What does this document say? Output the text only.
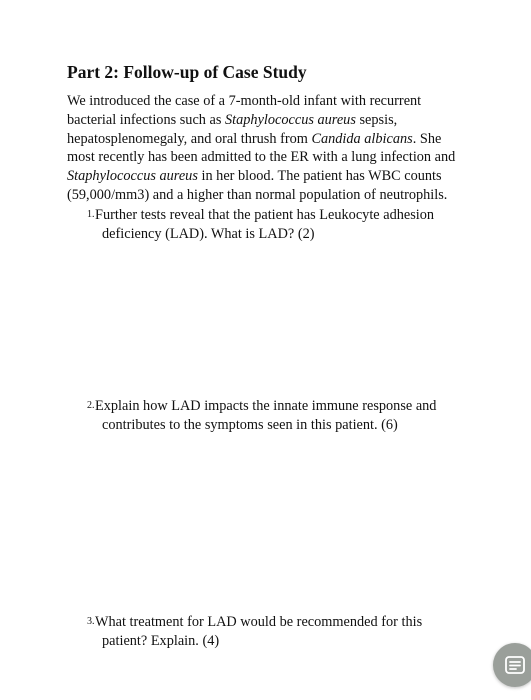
Part 2: Follow-up of Case Study
We introduced the case of a 7-month-old infant with recurrent
bacterial infections such as Staphylococcus aureus sepsis,
hepatosplenomegaly, and oral thrush from Candida albicans. She
most recently has been admitted to the ER with a lung infection and
Staphylococcus aureus in her blood. The patient has WBC counts
(59,000/mm3) and a higher than normal population of neutrophils.
1. Further tests reveal that the patient has Leukocyte adhesion
deficiency (LAD). What is LAD? (2)
2. Explain how LAD impacts the innate immune response and
contributes to the symptoms seen in this patient. (6)
3. What treatment for LAD would be recommended for this
patient? Explain. (4)
